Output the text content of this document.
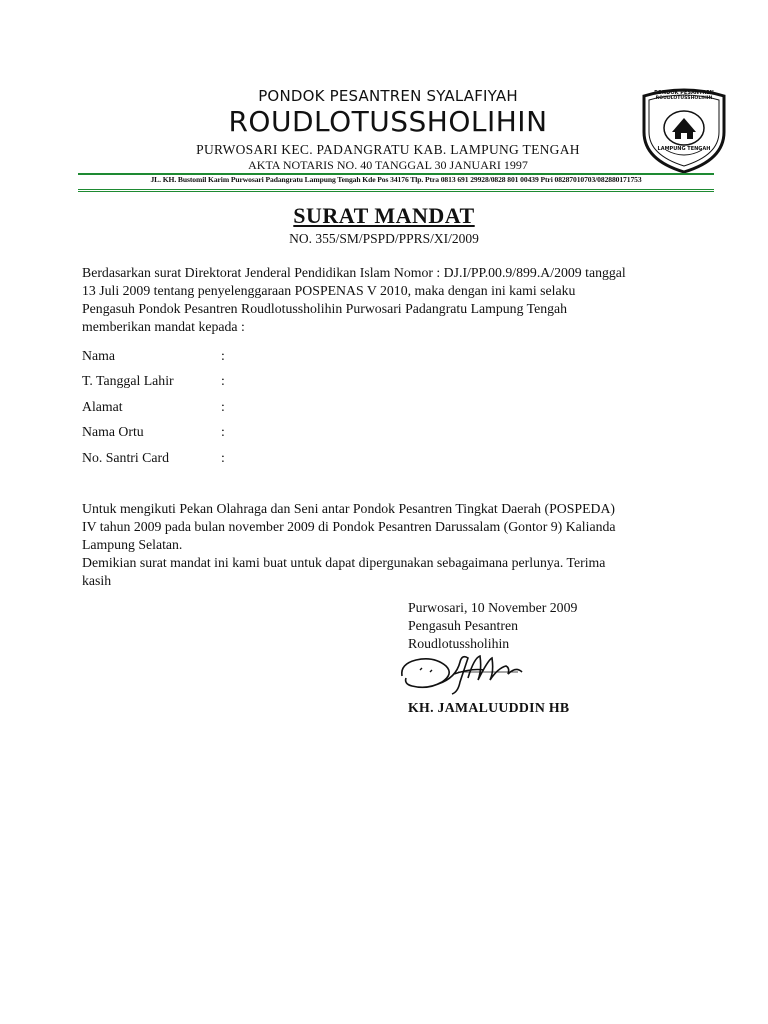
PONDOK PESANTREN SYALAFIYAH
ROUDLOTUSSHOLIHIN
PURWOSARI KEC. PADANGRATU KAB. LAMPUNG TENGAH
AKTA NOTARIS NO. 40 TANGGAL 30 JANUARI 1997
PONDOK PESANTREN
ROUDLOTUSSHOLIHIN
LAMPUNG TENGAH
JL. KH. Bustomil Karim Purwosari Padangratu Lampung Tengah Kde Pos 34176 Tlp. Ptra 0813 691 29928/0828 801 00439 Ptri 08287010703/082880171753
SURAT MANDAT
NO. 355/SM/PSPD/PPRS/XI/2009
Berdasarkan surat Direktorat Jenderal Pendidikan Islam Nomor : DJ.I/PP.00.9/899.A/2009 tanggal
13 Juli 2009 tentang penyelenggaraan POSPENAS V 2010, maka dengan ini kami selaku
Pengasuh Pondok Pesantren Roudlotussholihin Purwosari Padangratu Lampung Tengah
memberikan mandat kepada :
Nama	:
T. Tanggal Lahir	:
Alamat	:
Nama Ortu	:
No. Santri Card	:
Untuk mengikuti Pekan Olahraga dan Seni antar Pondok Pesantren Tingkat Daerah (POSPEDA)
IV tahun 2009 pada bulan november 2009 di Pondok Pesantren Darussalam (Gontor 9) Kalianda
Lampung Selatan.
Demikian surat mandat ini kami buat untuk dapat dipergunakan sebagaimana perlunya. Terima
kasih
Purwosari, 10 November 2009
Pengasuh Pesantren
Roudlotussholihin
KH. JAMALUUDDIN HB
